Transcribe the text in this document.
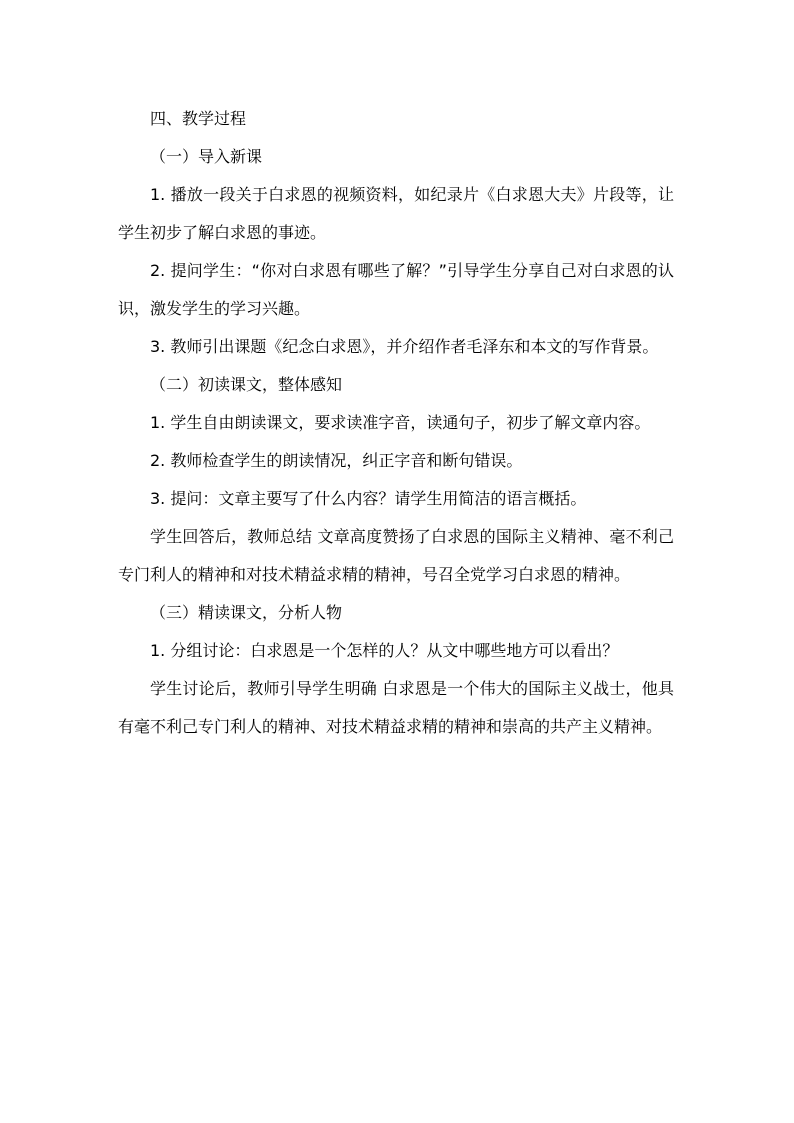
四、教学过程

（一）导入新课

1. 播放一段关于白求恩的视频资料，如纪录片《白求恩大夫》片段等，让学生初步了解白求恩的事迹。

2. 提问学生：“你对白求恩有哪些了解？”引导学生分享自己对白求恩的认识，激发学生的学习兴趣。

3. 教师引出课题《纪念白求恩》，并介绍作者毛泽东和本文的写作背景。

（二）初读课文，整体感知

1. 学生自由朗读课文，要求读准字音，读通句子，初步了解文章内容。

2. 教师检查学生的朗读情况，纠正字音和断句错误。

3. 提问：文章主要写了什么内容？请学生用简洁的语言概括。

学生回答后，教师总结 文章高度赞扬了白求恩的国际主义精神、毫不利己专门利人的精神和对技术精益求精的精神，号召全党学习白求恩的精神。

（三）精读课文，分析人物

1. 分组讨论：白求恩是一个怎样的人？从文中哪些地方可以看出？

学生讨论后，教师引导学生明确 白求恩是一个伟大的国际主义战士，他具有毫不利己专门利人的精神、对技术精益求精的精神和崇高的共产主义精神。
